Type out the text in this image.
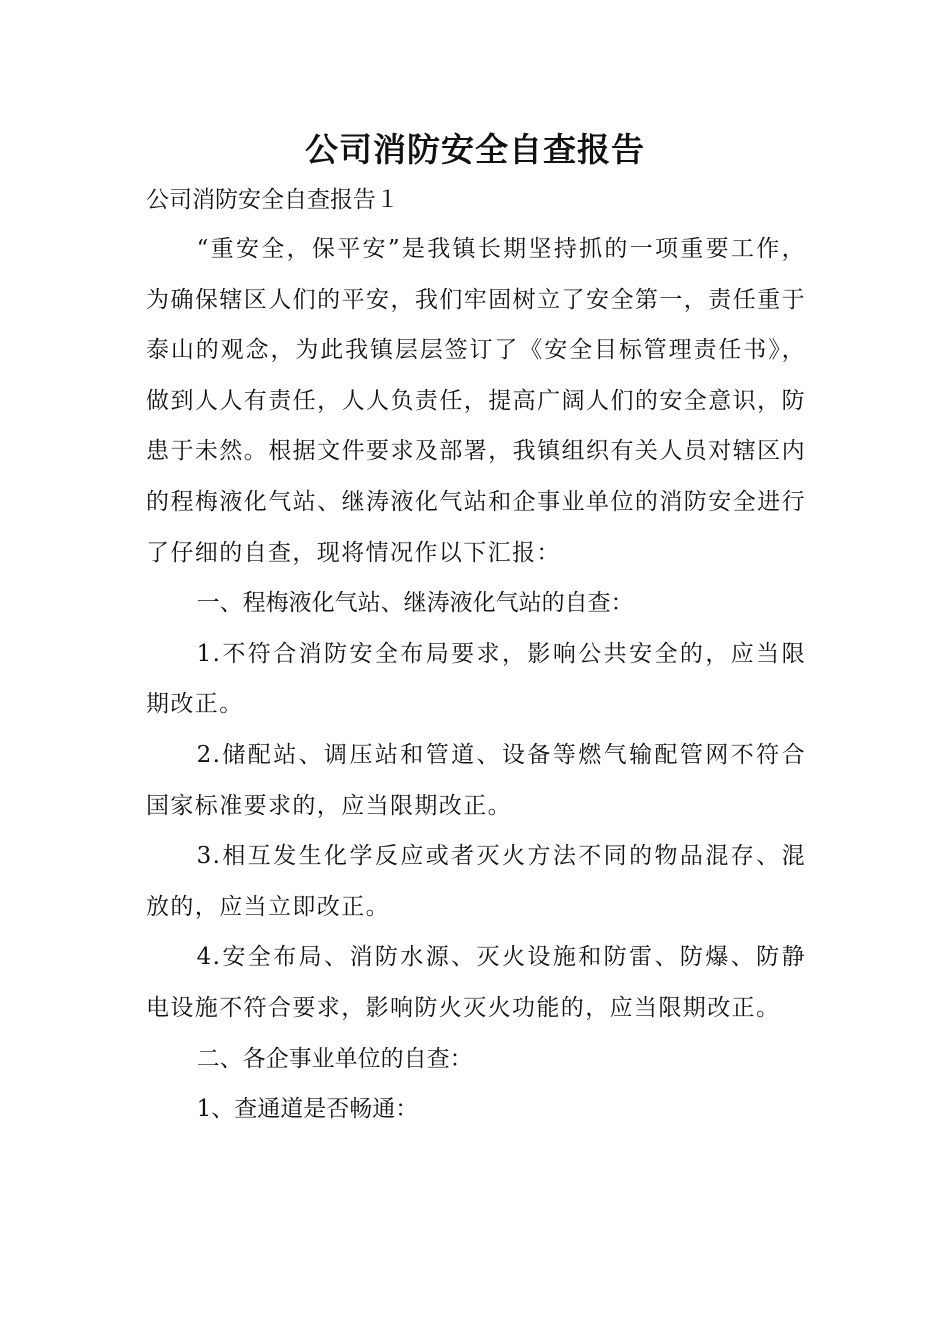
公司消防安全自查报告
公司消防安全自查报告１

“重安全，保平安”是我镇长期坚持抓的一项重要工作，为确保辖区人们的平安，我们牢固树立了安全第一，责任重于泰山的观念，为此我镇层层签订了《安全目标管理责任书》，做到人人有责任，人人负责任，提高广阔人们的安全意识，防患于未然。根据文件要求及部署，我镇组织有关人员对辖区内的程梅液化气站、继涛液化气站和企事业单位的消防安全进行了仔细的自查，现将情况作以下汇报：

一、程梅液化气站、继涛液化气站的自查：

1.不符合消防安全布局要求，影响公共安全的，应当限期改正。

2.储配站、调压站和管道、设备等燃气输配管网不符合国家标准要求的，应当限期改正。

3.相互发生化学反应或者灭火方法不同的物品混存、混放的，应当立即改正。

4.安全布局、消防水源、灭火设施和防雷、防爆、防静电设施不符合要求，影响防火灭火功能的，应当限期改正。

二、各企事业单位的自查：

1、查通道是否畅通：
